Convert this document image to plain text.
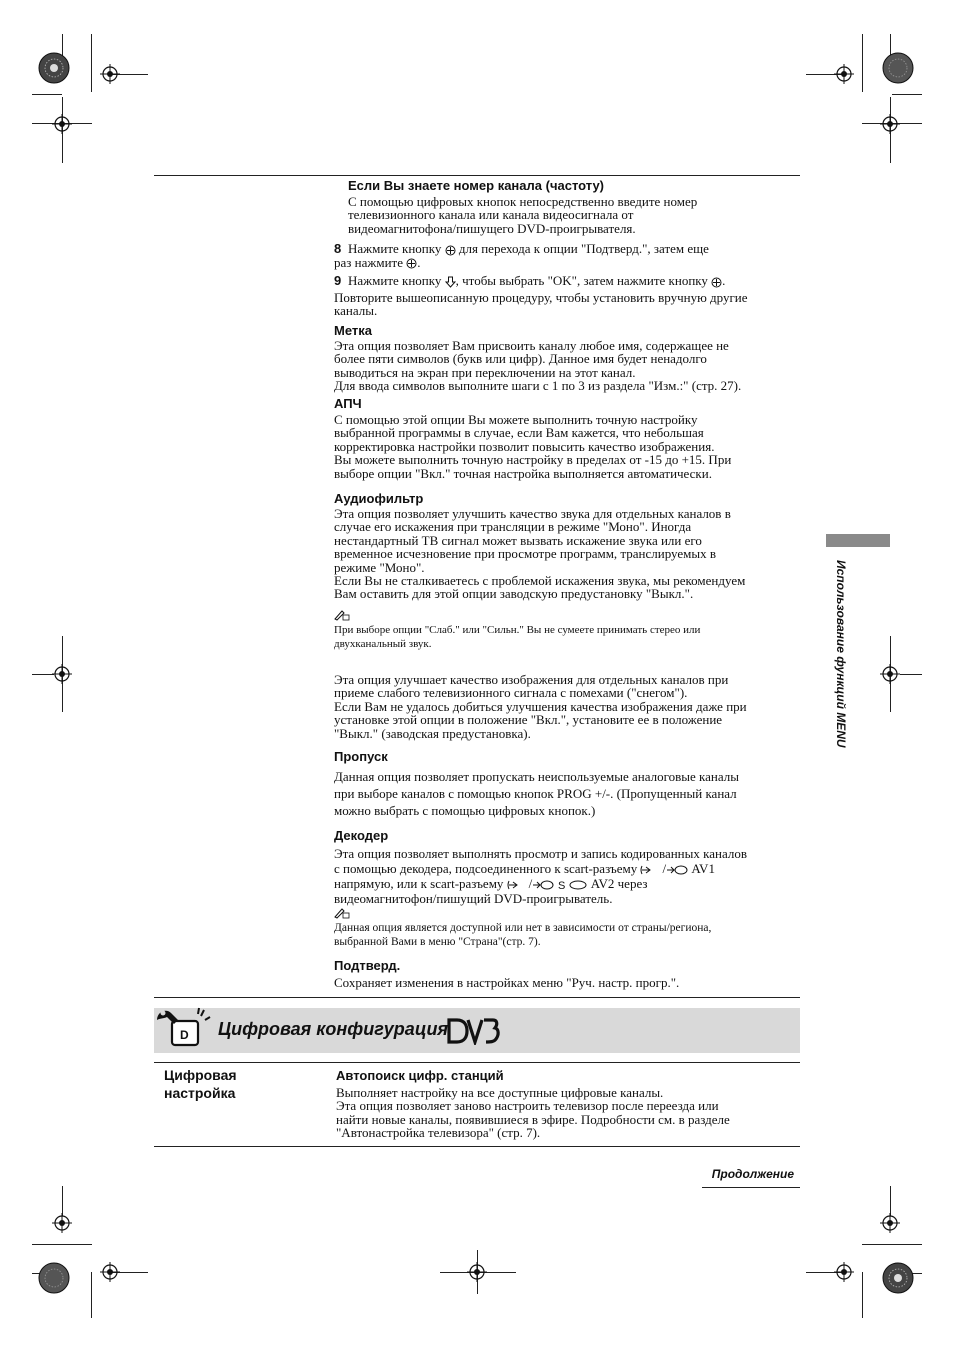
Использование функций MENU
Если Вы знаете номер канала (частоту)
С помощью цифровых кнопок непосредственно введите номер
телевизионного канала или канала видеосигнала от
видеомагнитофона/пишущего DVD-проигрывателя.
8 Нажмите кнопку для перехода к опции "Подтверд.", затем еще
раз нажмите .
9 Нажмите кнопку , чтобы выбрать "OK", затем нажмите кнопку .
Повторите вышеописанную процедуру, чтобы установить вручную другие
каналы.
Метка
Эта опция позволяет Вам присвоить каналу любое имя, содержащее не
более пяти символов (букв или цифр). Данное имя будет ненадолго
выводиться на экран при переключении на этот канал.
Для ввода символов выполните шаги с 1 по 3 из раздела "Изм.:" (стр. 27).
АПЧ
С помощью этой опции Вы можете выполнить точную настройку
выбранной программы в случае, если Вам кажется, что небольшая
корректировка настройки позволит повысить качество изображения.
Вы можете выполнить точную настройку в пределах от -15 до +15. При
выборе опции "Вкл." точная настройка выполняется автоматически.
Аудиофильтр
Эта опция позволяет улучшить качество звука для отдельных каналов в
случае его искажения при трансляции в режиме "Моно". Иногда
нестандартный ТВ сигнал может вызвать искажение звука или его
временное исчезновение при просмотре программ, транслируемых в
режиме "Моно".
Если Вы не сталкиваетесь с проблемой искажения звука, мы рекомендуем
Вам оставить для этой опции заводскую предустановку "Выкл.".
При выборе опции "Слаб." или "Сильн." Вы не сумеете принимать стерео или
двухканальный звук.
Эта опция улучшает качество изображения для отдельных каналов при
приеме слабого телевизионного сигнала с помехами ("снегом").
Если Вам не удалось добиться улучшения качества изображения даже при
установке этой опции в положение "Вкл.", установите ее в положение
"Выкл." (заводская предустановка).
Пропуск
Данная опция позволяет пропускать неиспользуемые аналоговые каналы
при выборе каналов с помощью кнопок PROG +/-. (Пропущенный канал
можно выбрать с помощью цифровых кнопок.)
Декодер
Эта опция позволяет выполнять просмотр и запись кодированных каналов
с помощью декодера, подсоединенного к scart-разъему / AV1
напрямую, или к scart-разъему / S AV2 через
видеомагнитофон/пишущий DVD-проигрыватель.
Данная опция является доступной или нет в зависимости от страны/региона,
выбранной Вами в меню "Страна"(стр. 7).
Подтверд.
Сохраняет изменения в настройках меню "Руч. настр. прогр.".
D Цифровая конфигурация
DVB
Цифровая
настройка
Автопоиск цифр. станций
Выполняет настройку на все доступные цифровые каналы.
Эта опция позволяет заново настроить телевизор после переезда или
найти новые каналы, появившиеся в эфире. Подробности см. в разделе
"Автонастройка телевизора" (стр. 7).
Продолжение
